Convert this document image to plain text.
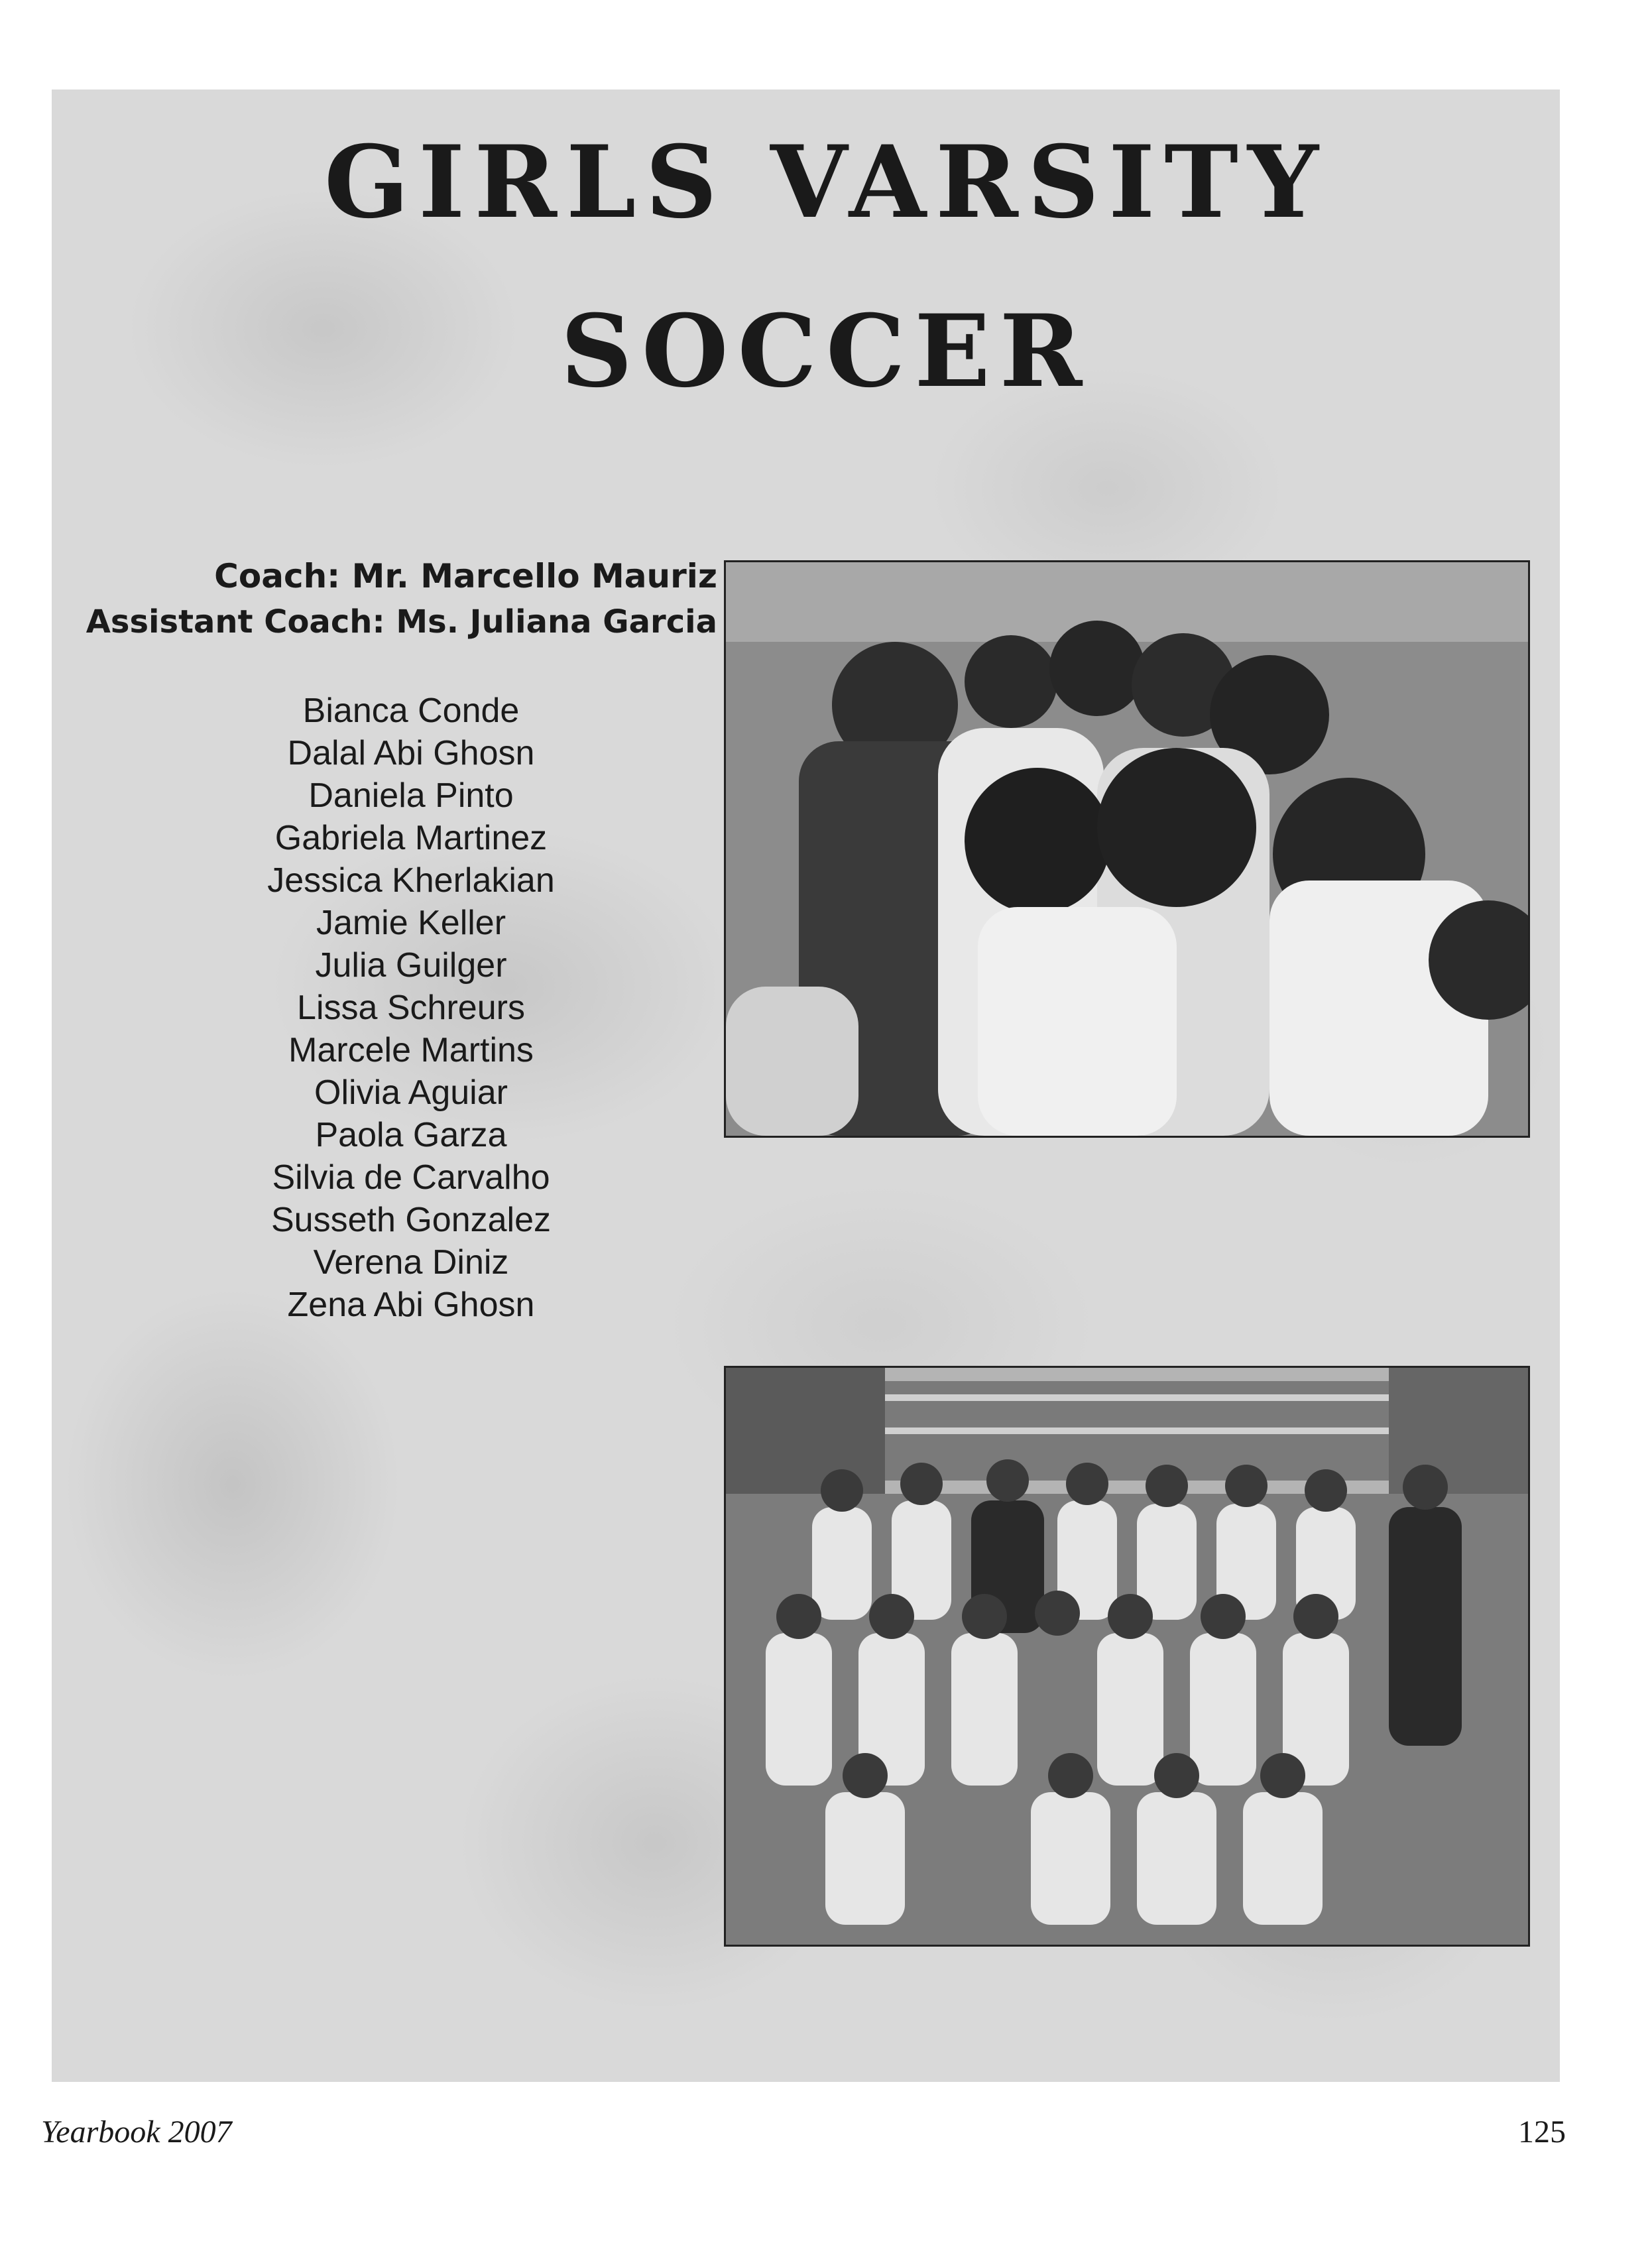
GIRLS VARSITY
SOCCER
Coach: Mr. Marcello Mauriz
Assistant Coach: Ms. Juliana Garcia
Bianca Conde
Dalal Abi Ghosn
Daniela Pinto
Gabriela Martinez
Jessica Kherlakian
Jamie Keller
Julia Guilger
Lissa Schreurs
Marcele Martins
Olivia Aguiar
Paola Garza
Silvia de Carvalho
Susseth Gonzalez
Verena Diniz
Zena Abi Ghosn

Yearbook 2007	125
